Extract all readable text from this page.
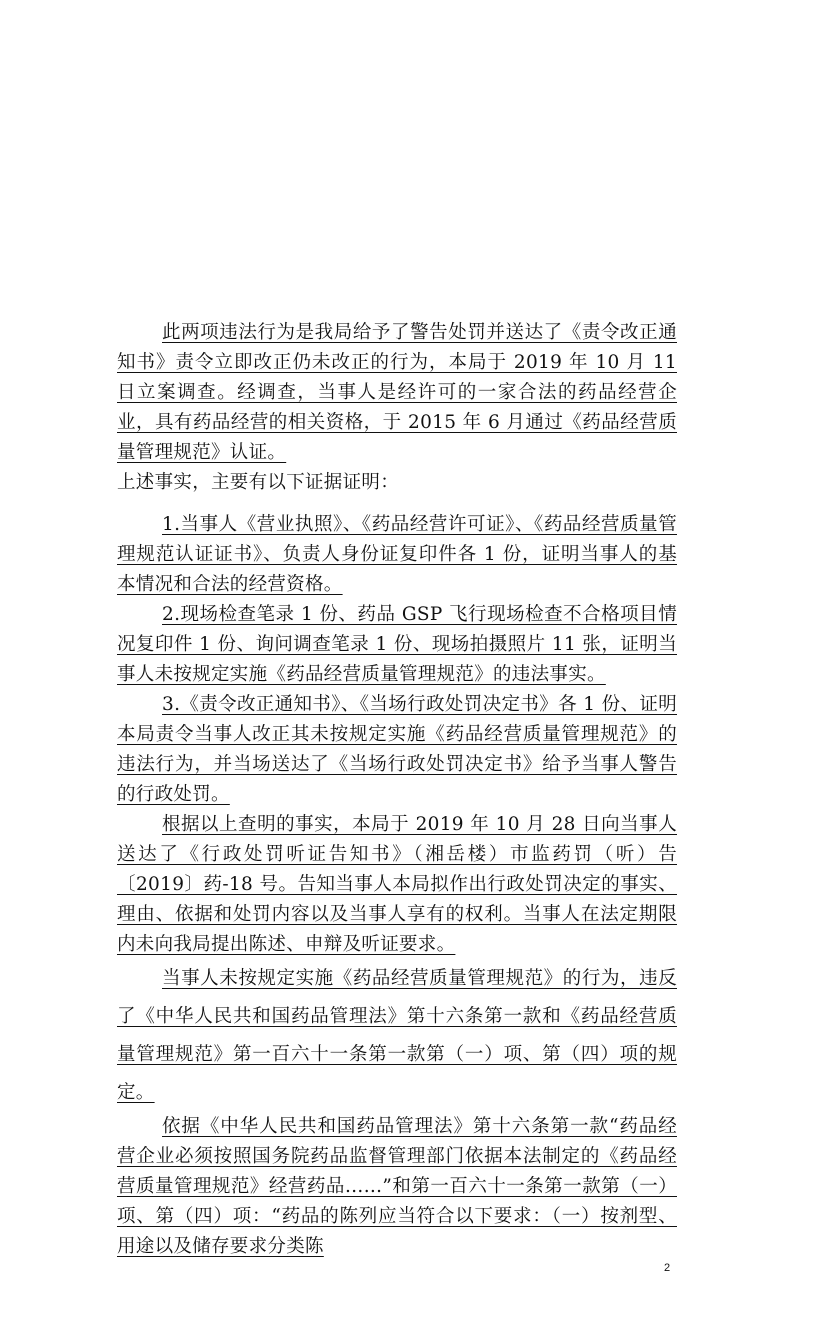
此两项违法行为是我局给予了警告处罚并送达了《责令改正通知书》责令立即改正仍未改正的行为，本局于 2019 年 10 月 11 日立案调查。经调查，当事人是经许可的一家合法的药品经营企业，具有药品经营的相关资格，于 2015 年 6 月通过《药品经营质量管理规范》认证。

上述事实，主要有以下证据证明：

1.当事人《营业执照》、《药品经营许可证》、《药品经营质量管理规范认证证书》、负责人身份证复印件各 1 份，证明当事人的基本情况和合法的经营资格。

2.现场检查笔录 1 份、药品 GSP 飞行现场检查不合格项目情况复印件 1 份、询问调查笔录 1 份、现场拍摄照片 11 张，证明当事人未按规定实施《药品经营质量管理规范》的违法事实。

3.《责令改正通知书》、《当场行政处罚决定书》各 1 份、证明本局责令当事人改正其未按规定实施《药品经营质量管理规范》的违法行为，并当场送达了《当场行政处罚决定书》给予当事人警告的行政处罚。

根据以上查明的事实，本局于 2019 年 10 月 28 日向当事人送达了《行政处罚听证告知书》（湘岳楼）市监药罚（听）告〔2019〕药-18 号。告知当事人本局拟作出行政处罚决定的事实、理由、依据和处罚内容以及当事人享有的权利。当事人在法定期限内未向我局提出陈述、申辩及听证要求。

当事人未按规定实施《药品经营质量管理规范》的行为，违反了《中华人民共和国药品管理法》第十六条第一款和《药品经营质量管理规范》第一百六十一条第一款第（一）项、第（四）项的规定。

依据《中华人民共和国药品管理法》第十六条第一款“药品经营企业必须按照国务院药品监督管理部门依据本法制定的《药品经营质量管理规范》经营药品……”和第一百六十一条第一款第（一）项、第（四）项：“药品的陈列应当符合以下要求：（一）按剂型、用途以及储存要求分类陈

2
